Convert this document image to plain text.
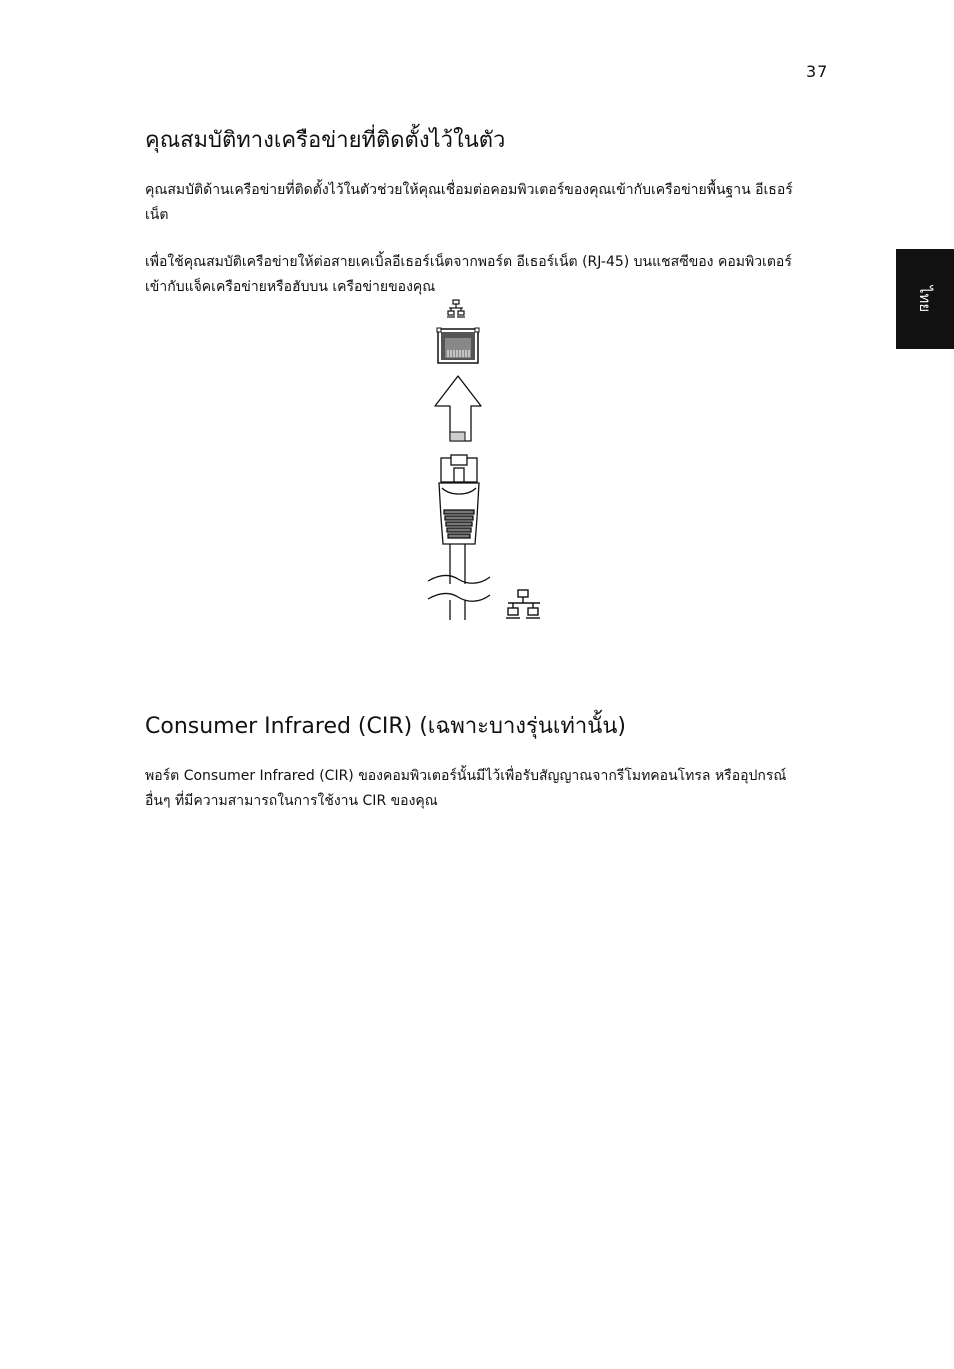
37
ไทย
คุณสมบัติทางเครือข่ายที่ติดตั้งไว้ในตัว

คุณสมบัติด้านเครือข่ายที่ติดตั้งไว้ในตัวช่วยให้คุณเชื่อมต่อคอมพิวเตอร์ของคุณเข้ากับเครือข่ายพื้นฐาน อีเธอร์เน็ต

เพื่อใช้คุณสมบัติเครือข่ายให้ต่อสายเคเบิ้ลอีเธอร์เน็ตจากพอร์ต อีเธอร์เน็ต (RJ-45) บนแชสซีของ คอมพิวเตอร์เข้ากับแจ็คเครือข่ายหรือฮับบน เครือข่ายของคุณ

Consumer Infrared (CIR) (เฉพาะบางรุ่นเท่านั้น)

พอร์ต Consumer Infrared (CIR) ของคอมพิวเตอร์นั้นมีไว้เพื่อรับสัญญาณจากรีโมทคอนโทรล หรืออุปกรณ์อื่นๆ ที่มีความสามารถในการใช้งาน CIR ของคุณ
